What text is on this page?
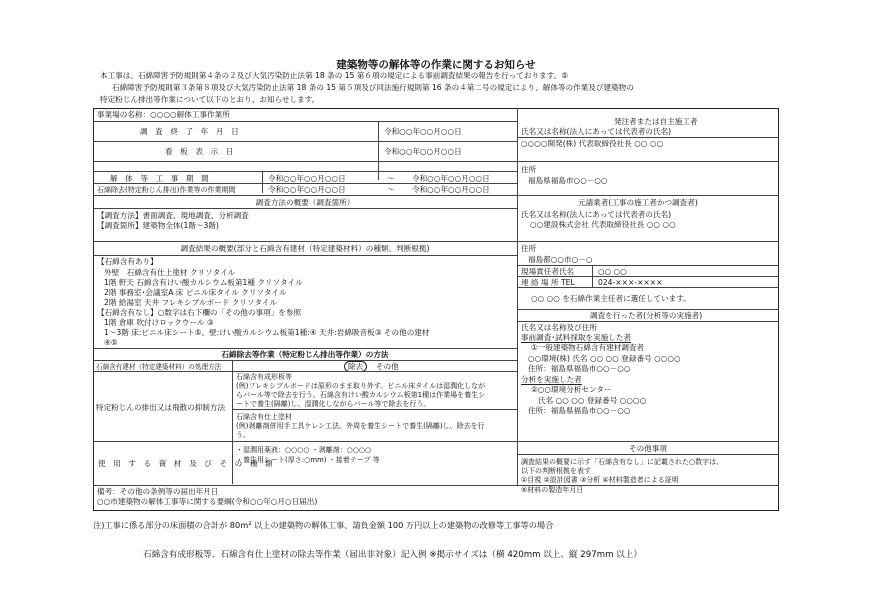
建築物等の解体等の作業に関するお知らせ
本工事は、石綿障害予防規則第４条の２及び大気汚染防止法第 18 条の 15 第６項の規定による事前調査結果の報告を行っております。⑤
石綿障害予防規則第３条第８項及び大気汚染防止法第 18 条の 15 第５項及び同法施行規則第 16 条の４第二号の規定により、解体等の作業及び建築物の
特定粉じん排出等作業について以下のとおり、お知らせします。
事業場の名称：○○○○解体工事作業所
調　査　終　了　年　月　日	令和○○年○○月○○日
看　板　表　示　日	令和○○年○○月○○日
解　体　等　工　事　期　間	令和○○年○○月○○日	～ 令和○○年○○月○○日
石綿除去(特定粉じん排出)作業等の作業期間	令和○○年○○月○○日	～ 令和○○年○○月○○日
調査方法の概要（調査箇所）
【調査方法】書面調査、現地調査、分析調査
【調査箇所】建築物全体(1階～3階)
調査結果の概要(部分と石綿含有建材（特定建築材料）の種類、判断根拠)
【石綿含有あり】
外壁　石綿含有仕上塗材 クリソタイル
1階 軒天 石綿含有けい酸カルシウム板第1種 クリソタイル
2階 事務室･会議室A 床 ビニル床タイル クリソタイル
2階 給湯室 天井 フレキシブルボード クリソタイル
【石綿含有なし】○数字は右下欄の「その他の事項」を参照
1階 倉庫 吹付けロックウール ③
1～3階 床:ビニル床シート⑤、壁:けい酸カルシウム板第1種:④ 天井:岩綿吸音板③ その他の建材
④⑤
石綿除去等作業（特定粉じん排出等作業）の方法
石綿含有建材（特定建築材料）の処理方法	除去	その他
特定粉じんの排出又は飛散の抑制方法
石綿含有成形板等
(例)フレキシブルボードは原形のまま取り外す。ビニル床タイルは湿潤化しなが
らバール等で除去を行う。石綿含有けい酸カルシウム板第1種は作業場を養生シ
ートで養生(隔離)し、湿潤化しながらバール等で除去を行う。
石綿含有仕上塗材
(例)剥離剤併用手工具ケレン工法。外周を養生シートで養生(隔離)し、除去を行
う。
使　用　す　る　資　材　及　び　そ　の　種　類
・湿潤用薬液：○○○○ ・剥離剤：○○○○
・養生用シート(厚さ:○mm) ・接着テープ 等
備考：その他の条例等の届出年月日
○○市建築物の解体工事等に関する要綱(令和○○年○月○日届出)
発注者または自主施工者
氏名又は名称(法人にあっては代表者の氏名)
○○○○開発(株) 代表取締役社長 ○○ ○○
住所
福島県福島市○○－○○
元請業者(工事の施工者かつ調査者)
氏名又は名称(法人にあっては代表者の氏名)
○○建設株式会社 代表取締役社長 ○○ ○○
住所
福島都○○市○－○
現場責任者氏名	○○ ○○
連 絡 場 所 TEL	024-×××-××××
○○ ○○ を石綿作業主任者に選任しています。
調査を行った者(分析等の実施者)
氏名又は名称及び住所
事前調査･試料採取を実施した者
①一般建築物石綿含有建材調査者
○○環境(株) 氏名 ○○ ○○ 登録番号 ○○○○
住所：福島県福島市○○－○○
分析を実施した者
②○○環境分析センター
氏名 ○○ ○○ 登録番号 ○○○○
住所：福島県福島市○○－○○
その他事項
調査結果の概要に示す「石綿含有なし」に記載された○数字は、
以下の判断根拠を表す
①目視 ②設計図書 ③分析 ④材料製造者による証明
⑤材料の製造年月日
注)工事に係る部分の床面積の合計が 80m² 以上の建築物の解体工事、請負金額 100 万円以上の建築物の改修等工事等の場合
石綿含有成形板等、石綿含有仕上塗材の除去等作業（届出非対象）記入例 ※掲示サイズは（横 420mm 以上、縦 297mm 以上）
